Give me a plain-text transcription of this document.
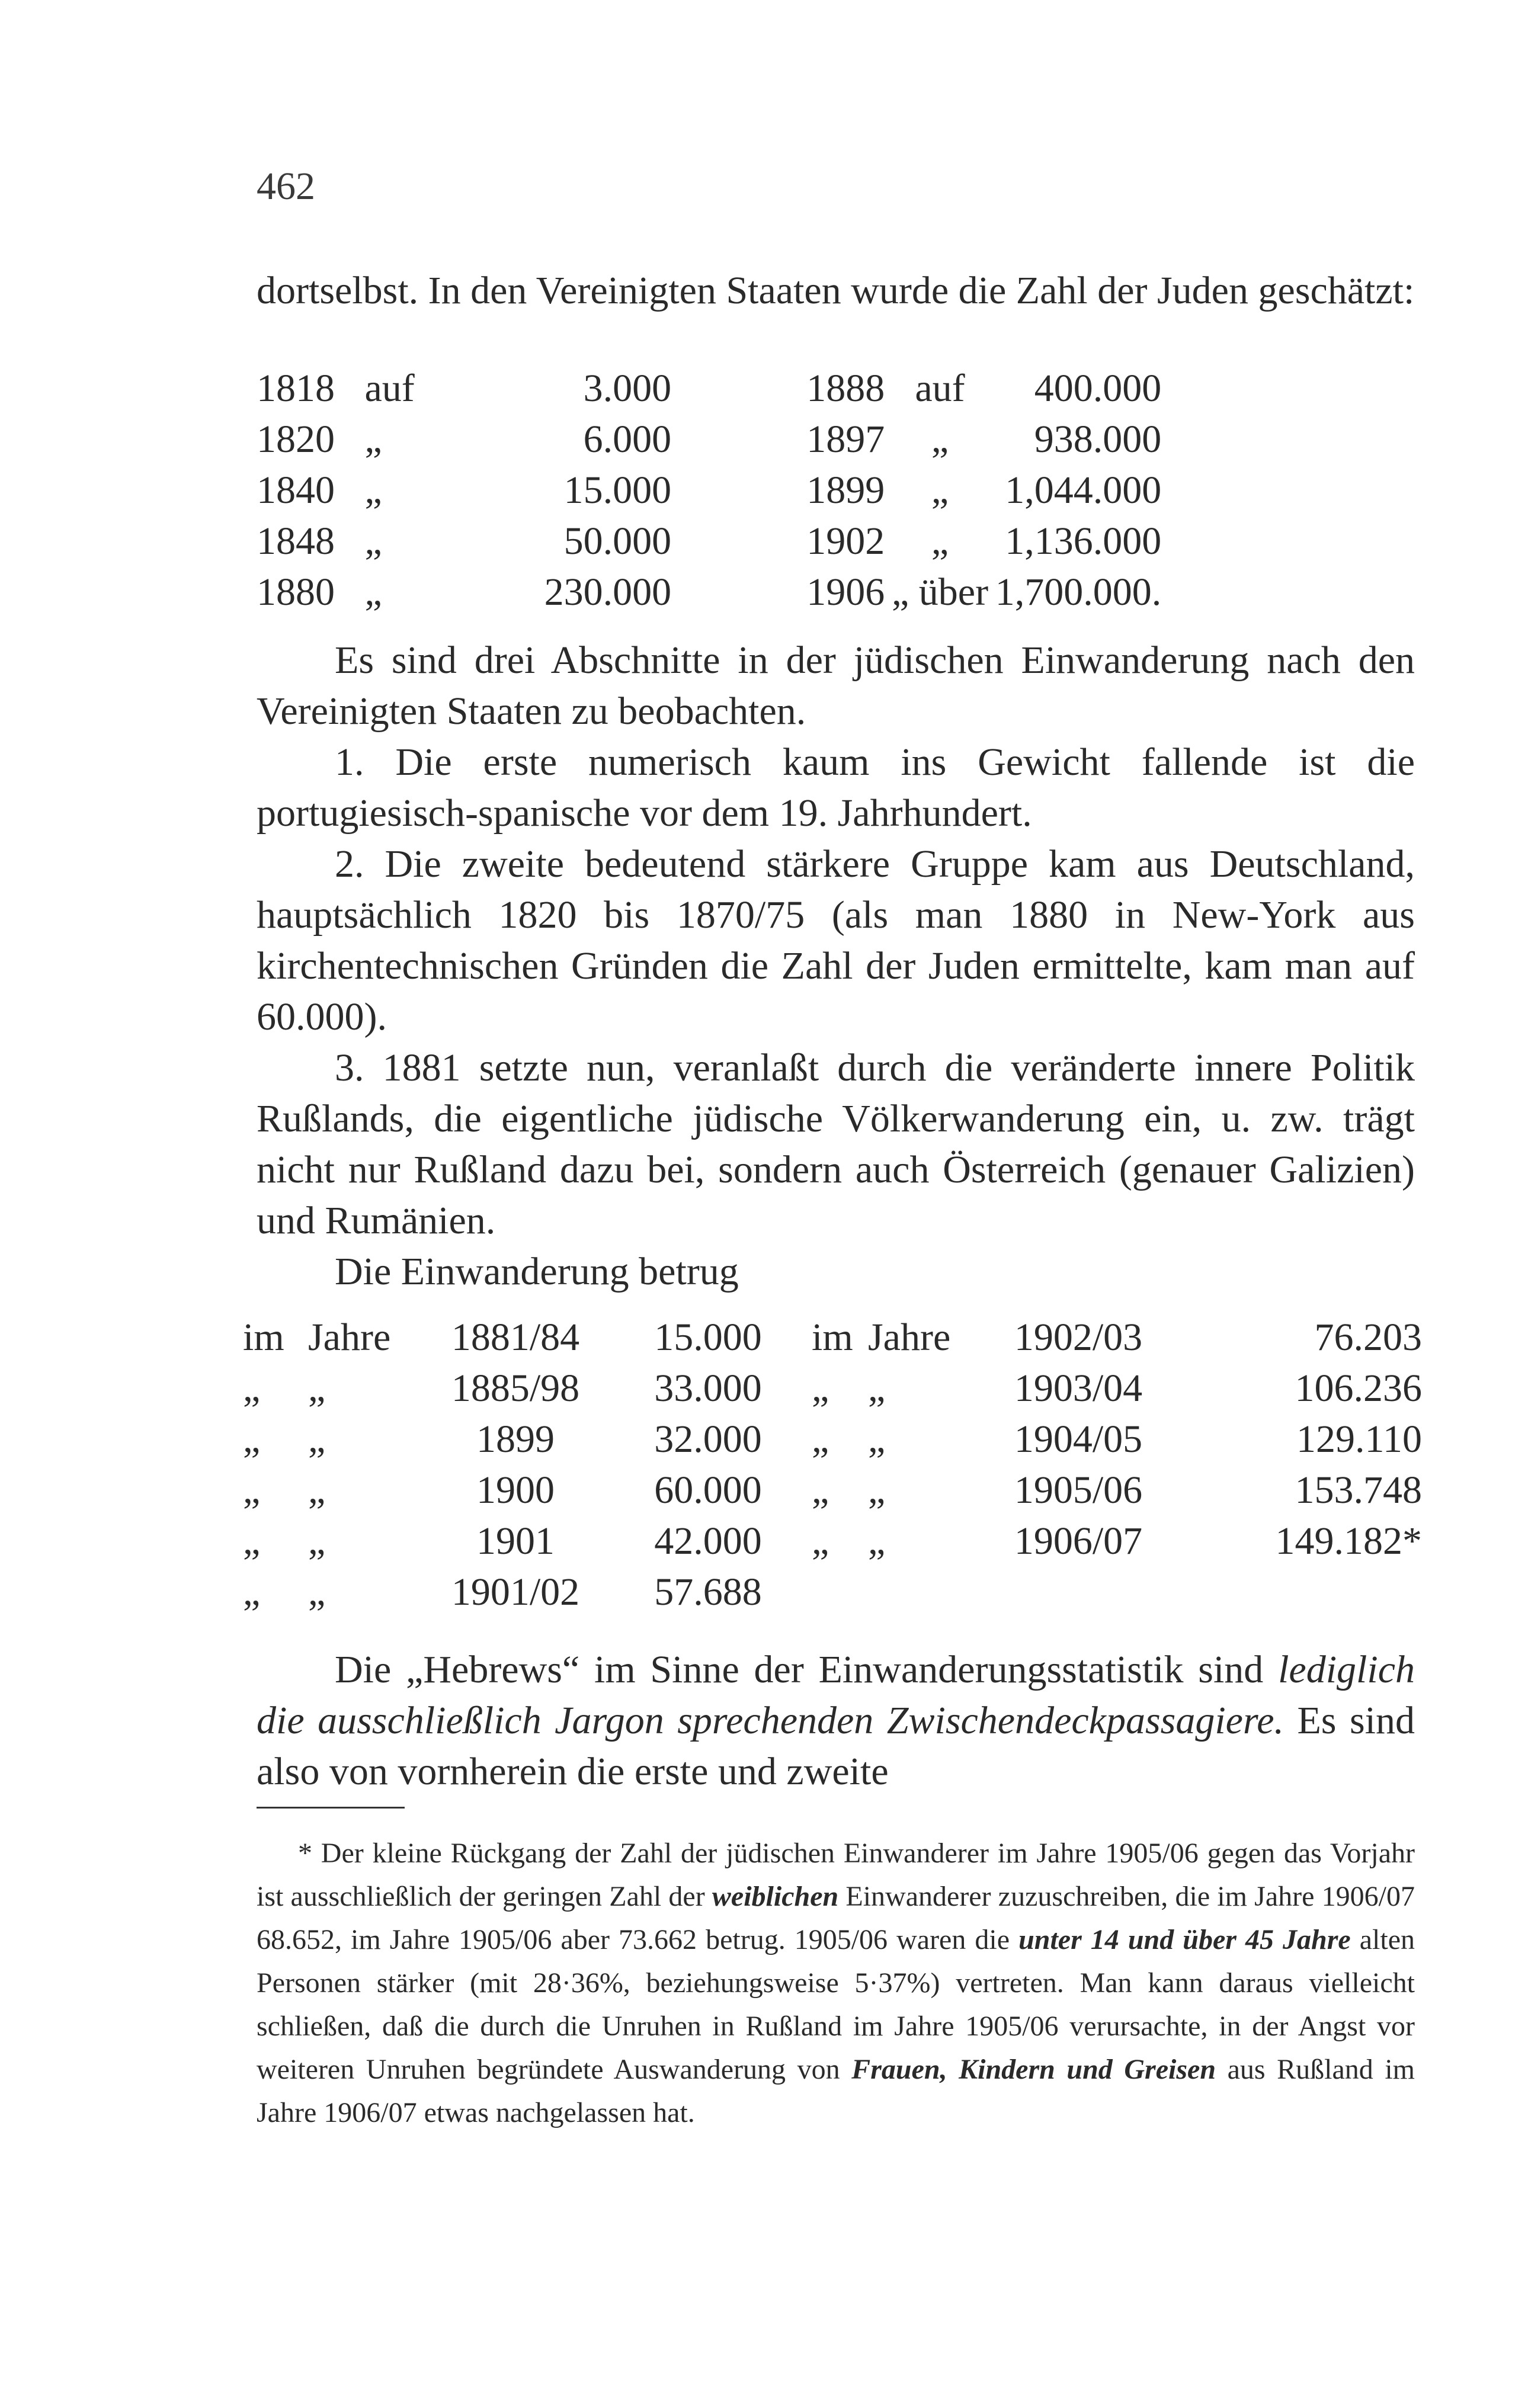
462

dortselbst. In den Vereinigten Staaten wurde die Zahl der Juden geschätzt:

1818	auf	3.000	1888	auf	400.000
1820	„	6.000	1897	„	938.000
1840	„	15.000	1899	„	1,044.000
1848	„	50.000	1902	„	1,136.000
1880	„	230.000	1906	„ über	1,700.000.

Es sind drei Abschnitte in der jüdischen Einwanderung nach den Vereinigten Staaten zu beobachten.

1. Die erste numerisch kaum ins Gewicht fallende ist die portugiesisch-spanische vor dem 19. Jahrhundert.

2. Die zweite bedeutend stärkere Gruppe kam aus Deutschland, hauptsächlich 1820 bis 1870/75 (als man 1880 in New-York aus kirchentechnischen Gründen die Zahl der Juden ermittelte, kam man auf 60.000).

3. 1881 setzte nun, veranlaßt durch die veränderte innere Politik Rußlands, die eigentliche jüdische Völkerwanderung ein, u. zw. trägt nicht nur Rußland dazu bei, sondern auch Österreich (genauer Galizien) und Rumänien.

Die Einwanderung betrug

im	Jahre	1881/84	15.000	im	Jahre	1902/03	76.203
„	„	1885/98	33.000	„	„	1903/04	106.236
„	„	1899	32.000	„	„	1904/05	129.110
„	„	1900	60.000	„	„	1905/06	153.748
„	„	1901	42.000	„	„	1906/07	149.182*
„	„	1901/02	57.688				

Die „Hebrews“ im Sinne der Einwanderungsstatistik sind lediglich die ausschließlich Jargon sprechenden Zwischendeckpassagiere. Es sind also von vornherein die erste und zweite

* Der kleine Rückgang der Zahl der jüdischen Einwanderer im Jahre 1905/06 gegen das Vorjahr ist ausschließlich der geringen Zahl der weiblichen Einwanderer zuzuschreiben, die im Jahre 1906/07 68.652, im Jahre 1905/06 aber 73.662 betrug. 1905/06 waren die unter 14 und über 45 Jahre alten Personen stärker (mit 28·36%, beziehungsweise 5·37%) vertreten. Man kann daraus vielleicht schließen, daß die durch die Unruhen in Rußland im Jahre 1905/06 verursachte, in der Angst vor weiteren Unruhen begründete Auswanderung von Frauen, Kindern und Greisen aus Rußland im Jahre 1906/07 etwas nachgelassen hat.
